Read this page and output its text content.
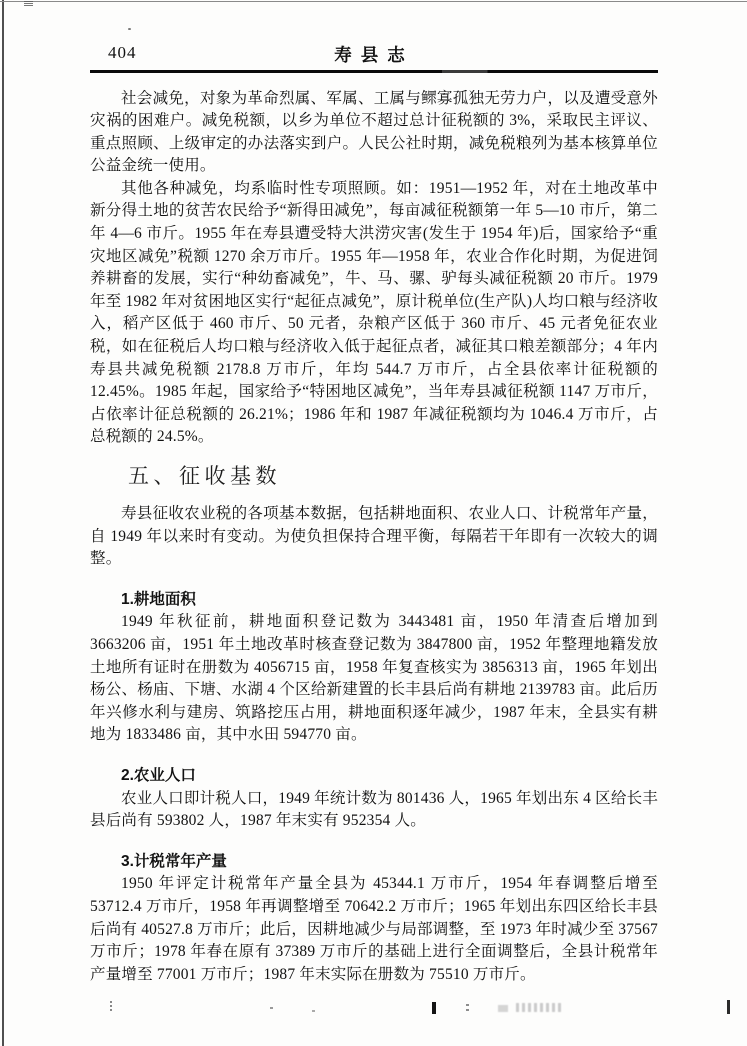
404	寿县志

社会减免，对象为革命烈属、军属、工属与鳏寡孤独无劳力户，以及遭受意外灾祸的困难户。减免税额，以乡为单位不超过总计征税额的 3%，采取民主评议、重点照顾、上级审定的办法落实到户。人民公社时期，减免税粮列为基本核算单位公益金统一使用。

其他各种减免，均系临时性专项照顾。如：1951—1952 年，对在土地改革中新分得土地的贫苦农民给予“新得田减免”，每亩减征税额第一年 5—10 市斤，第二年 4—6 市斤。1955 年在寿县遭受特大洪涝灾害(发生于 1954 年)后，国家给予“重灾地区减免”税额 1270 余万市斤。1955 年—1958 年，农业合作化时期，为促进饲养耕畜的发展，实行“种幼畜减免”，牛、马、骡、驴每头减征税额 20 市斤。1979 年至 1982 年对贫困地区实行“起征点减免”，原计税单位(生产队)人均口粮与经济收入，稻产区低于 460 市斤、50 元者，杂粮产区低于 360 市斤、45 元者免征农业税，如在征税后人均口粮与经济收入低于起征点者，减征其口粮差额部分；4 年内寿县共减免税额 2178.8 万市斤，年均 544.7 万市斤，占全县依率计征税额的 12.45%。1985 年起，国家给予“特困地区减免”，当年寿县减征税额 1147 万市斤，占依率计征总税额的 26.21%；1986 年和 1987 年减征税额均为 1046.4 万市斤，占总税额的 24.5%。

五、征收基数

寿县征收农业税的各项基本数据，包括耕地面积、农业人口、计税常年产量，自 1949 年以来时有变动。为使负担保持合理平衡，每隔若干年即有一次较大的调整。

1.耕地面积

1949 年秋征前，耕地面积登记数为 3443481 亩，1950 年清查后增加到 3663206 亩，1951 年土地改革时核查登记数为 3847800 亩，1952 年整理地籍发放土地所有证时在册数为 4056715 亩，1958 年复查核实为 3856313 亩，1965 年划出杨公、杨庙、下塘、水湖 4 个区给新建置的长丰县后尚有耕地 2139783 亩。此后历年兴修水利与建房、筑路挖压占用，耕地面积逐年减少，1987 年末，全县实有耕地为 1833486 亩，其中水田 594770 亩。

2.农业人口

农业人口即计税人口，1949 年统计数为 801436 人，1965 年划出东 4 区给长丰县后尚有 593802 人，1987 年末实有 952354 人。

3.计税常年产量

1950 年评定计税常年产量全县为 45344.1 万市斤，1954 年春调整后增至 53712.4 万市斤，1958 年再调整增至 70642.2 万市斤；1965 年划出东四区给长丰县后尚有 40527.8 万市斤；此后，因耕地减少与局部调整，至 1973 年时减少至 37567 万市斤；1978 年春在原有 37389 万市斤的基础上进行全面调整后，全县计税常年产量增至 77001 万市斤；1987 年末实际在册数为 75510 万市斤。
